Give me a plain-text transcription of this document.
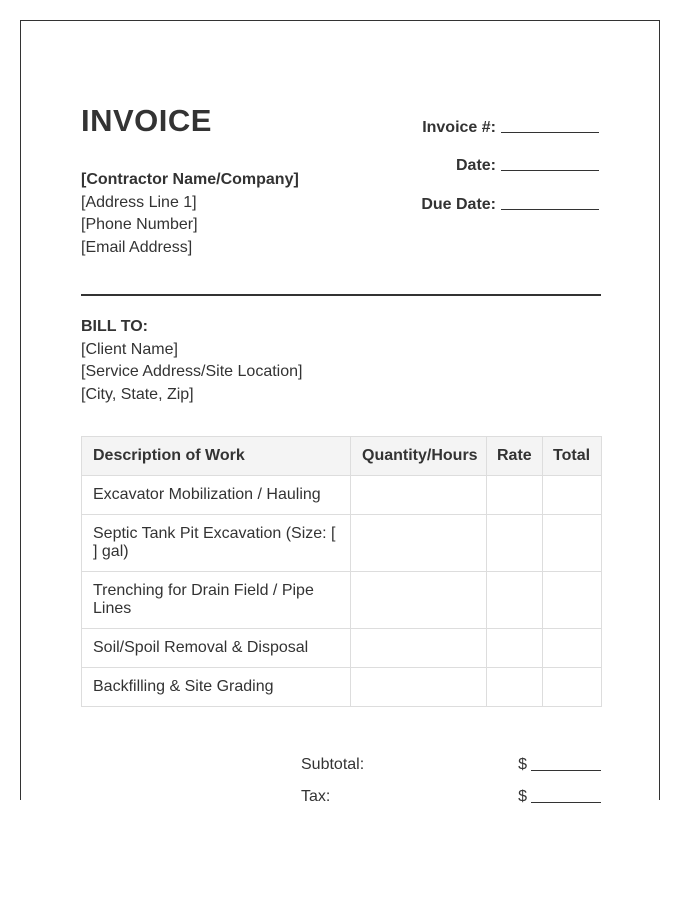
INVOICE
[Contractor Name/Company]
[Address Line 1]
[Phone Number]
[Email Address]
Invoice #:
Date:
Due Date:
BILL TO:
[Client Name]
[Service Address/Site Location]
[City, State, Zip]
Description of Work	Quantity/Hours	Rate	Total
Excavator Mobilization / Hauling			
Septic Tank Pit Excavation (Size: [ ] gal)			
Trenching for Drain Field / Pipe Lines			
Soil/Spoil Removal & Disposal			
Backfilling & Site Grading			
Subtotal:	$
Tax:	$
